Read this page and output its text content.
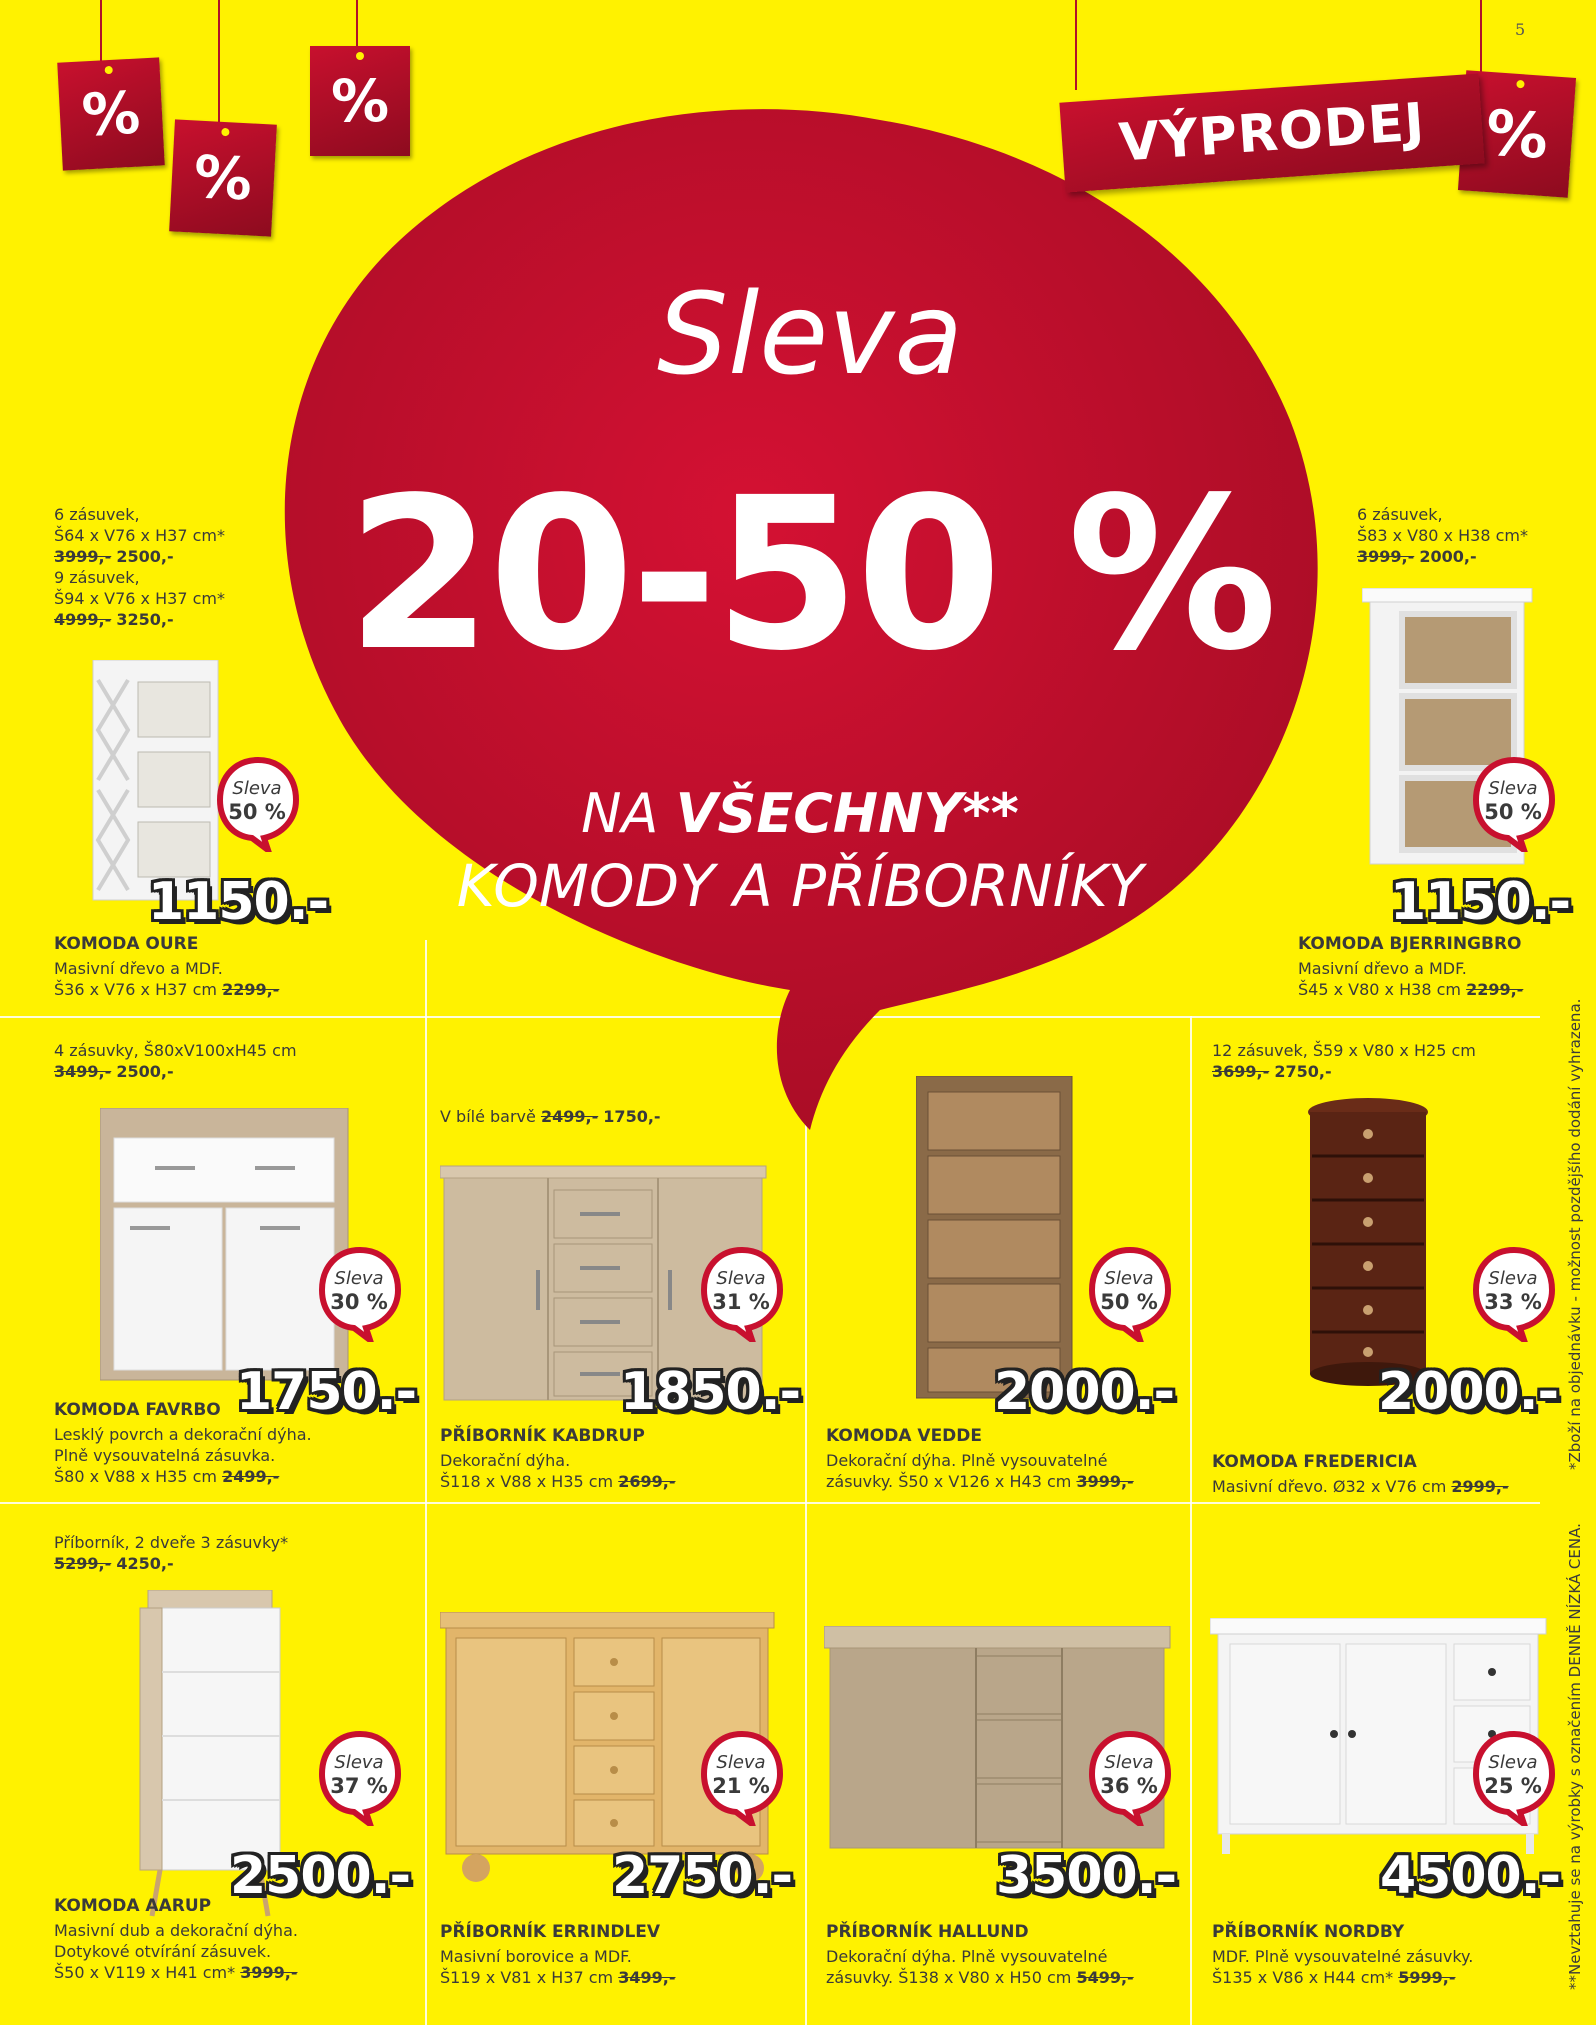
Sleva
20-50 %
NA VŠECHNY**
KOMODY A PŘÍBORNÍKY
%
%
%	%
VÝPRODEJ
5
6 zásuvek,
Š64 x V76 x H37 cm*
3999,- 2500,-
9 zásuvek,
Š94 x V76 x H37 cm*
4999,- 3250,-
Sleva
50 %
1150.-
KOMODA OURE
Masivní dřevo a MDF.
Š36 x V76 x H37 cm 2299,-
6 zásuvek,
Š83 x V80 x H38 cm*
3999,- 2000,-
Sleva
50 %
1150.-
KOMODA BJERRINGBRO
Masivní dřevo a MDF.
Š45 x V80 x H38 cm 2299,-
4 zásuvky, Š80xV100xH45 cm
3499,- 2500,-
Sleva
30 %
1750.-
KOMODA FAVRBO
Lesklý povrch a dekorační dýha.
Plně vysouvatelná zásuvka.
Š80 x V88 x H35 cm 2499,-
V bílé barvě 2499,- 1750,-
Sleva
31 %
1850.-
PŘÍBORNÍK KABDRUP
Dekorační dýha.
Š118 x V88 x H35 cm 2699,-
Sleva
50 %
2000.-
KOMODA VEDDE
Dekorační dýha. Plně vysouvatelné
zásuvky. Š50 x V126 x H43 cm 3999,-
12 zásuvek, Š59 x V80 x H25 cm
3699,- 2750,-
Sleva
33 %
2000.-
KOMODA FREDERICIA
Masivní dřevo. Ø32 x V76 cm 2999,-
Příborník, 2 dveře 3 zásuvky*
5299,- 4250,-
Sleva
37 %
2500.-
KOMODA AARUP
Masivní dub a dekorační dýha.
Dotykové otvírání zásuvek.
Š50 x V119 x H41 cm* 3999,-
Sleva
21 %
2750.-
PŘÍBORNÍK ERRINDLEV
Masivní borovice a MDF.
Š119 x V81 x H37 cm 3499,-
Sleva
36 %
3500.-
PŘÍBORNÍK HALLUND
Dekorační dýha. Plně vysouvatelné
zásuvky. Š138 x V80 x H50 cm 5499,-
Sleva
25 %
4500.-
PŘÍBORNÍK NORDBY
MDF. Plně vysouvatelné zásuvky.
Š135 x V86 x H44 cm* 5999,-
*Zboží na objednávku - možnost pozdějšího dodání vyhrazena.
**Nevztahuje se na výrobky s označením DENNĚ NÍZKÁ CENA.
